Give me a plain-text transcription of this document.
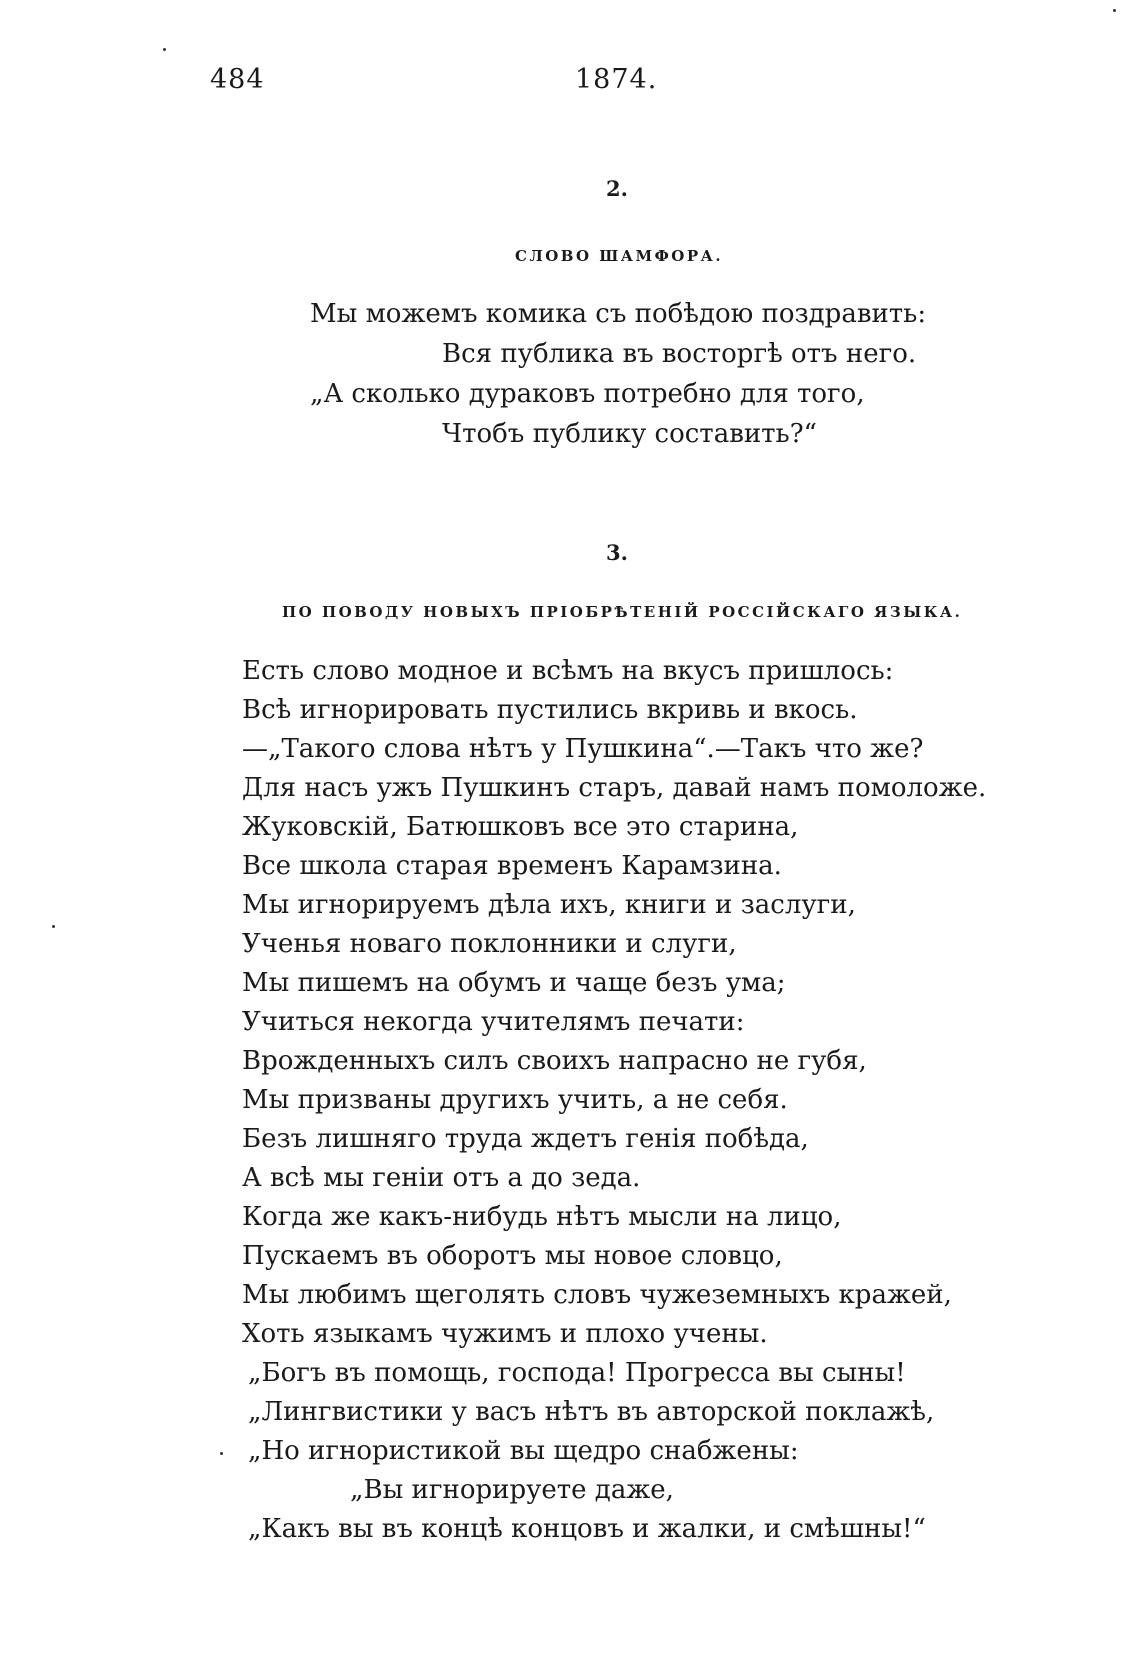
484	1874.
2.
СЛОВО ШАМФОРА.
Мы можемъ комика съ побѣдою поздравить:
Вся публика въ восторгѣ отъ него.
„А сколько дураковъ потребно для того,
Чтобъ публику составить?“
3.
ПО ПОВОДУ НОВЫХЪ ПРІОБРѢТЕНІЙ РОССІЙСКАГО ЯЗЫКА.
Есть слово модное и всѣмъ на вкусъ пришлось:
Всѣ игнорировать пустились вкривь и вкось.
—„Такого слова нѣтъ у Пушкина“.—Такъ что же?
Для насъ ужъ Пушкинъ старъ, давай намъ помоложе.
Жуковскій, Батюшковъ все это старина,
Все школа старая временъ Карамзина.
Мы игнорируемъ дѣла ихъ, книги и заслуги,
Ученья новаго поклонники и слуги,
Мы пишемъ на обумъ и чаще безъ ума;
Учиться некогда учителямъ печати:
Врожденныхъ силъ своихъ напрасно не губя,
Мы призваны другихъ учить, а не себя.
Безъ лишняго труда ждетъ генія побѣда,
А всѣ мы геніи отъ а до зеда.
Когда же какъ-нибудь нѣтъ мысли на лицо,
Пускаемъ въ оборотъ мы новое словцо,
Мы любимъ щеголять словъ чужеземныхъ кражей,
Хоть языкамъ чужимъ и плохо учены.
„Богъ въ помощь, господа! Прогресса вы сыны!
„Лингвистики у васъ нѣтъ въ авторской поклажѣ,
„Но игнористикой вы щедро снабжены:
„Вы игнорируете даже,
„Какъ вы въ концѣ концовъ и жалки, и смѣшны!“
